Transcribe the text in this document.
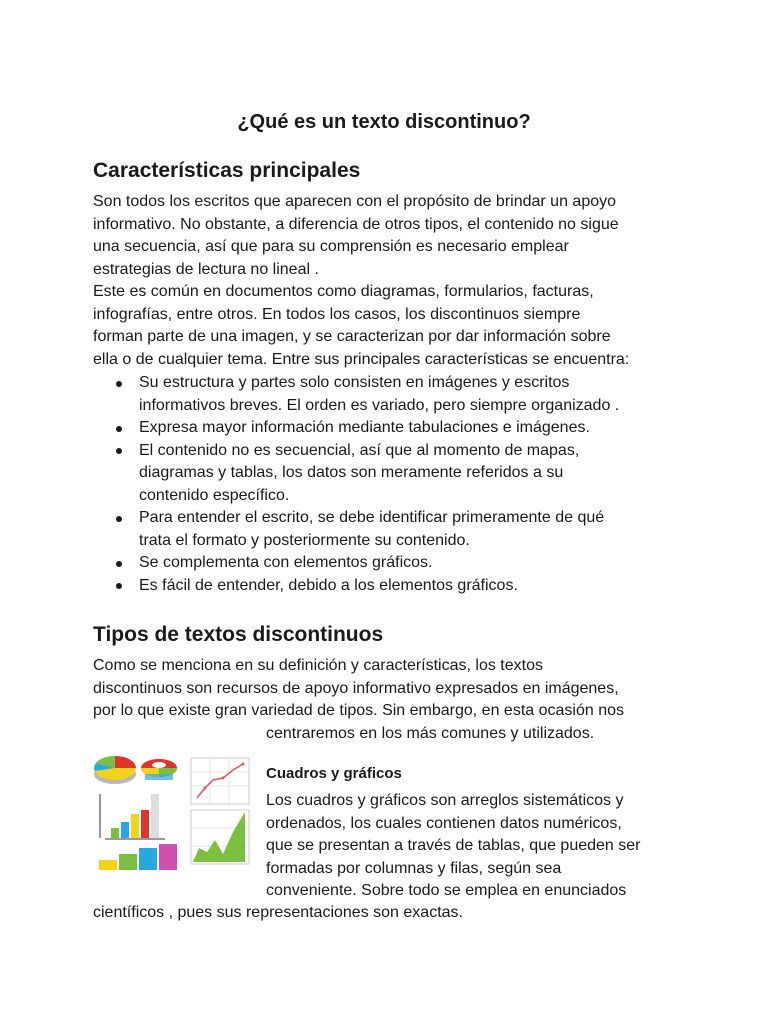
¿Qué es un texto discontinuo?
Características principales
Son todos los escritos que aparecen con el propósito de brindar un apoyo
informativo. No obstante, a diferencia de otros tipos, el contenido no sigue
una secuencia, así que para su comprensión es necesario emplear
estrategias de lectura no lineal .
Este es común en documentos como diagramas, formularios, facturas,
infografías, entre otros. En todos los casos, los discontinuos siempre
forman parte de una imagen, y se caracterizan por dar información sobre
ella o de cualquier tema. Entre sus principales características se encuentra:
Su estructura y partes solo consisten en imágenes y escritos
informativos breves. El orden es variado, pero siempre organizado .
Expresa mayor información mediante tabulaciones e imágenes.
El contenido no es secuencial, así que al momento de mapas,
diagramas y tablas, los datos son meramente referidos a su
contenido específico.
Para entender el escrito, se debe identificar primeramente de qué
trata el formato y posteriormente su contenido.
Se complementa con elementos gráficos.
Es fácil de entender, debido a los elementos gráficos.
Tipos de textos discontinuos
Como se menciona en su definición y características, los textos
discontinuos son recursos de apoyo informativo expresados en imágenes,
por lo que existe gran variedad de tipos. Sin embargo, en esta ocasión nos
centraremos en los más comunes y utilizados.
Cuadros y gráficos
Los cuadros y gráficos son arreglos sistemáticos y
ordenados, los cuales contienen datos numéricos,
que se presentan a través de tablas, que pueden ser
formadas por columnas y filas, según sea
conveniente. Sobre todo se emplea en enunciados
científicos , pues sus representaciones son exactas.
